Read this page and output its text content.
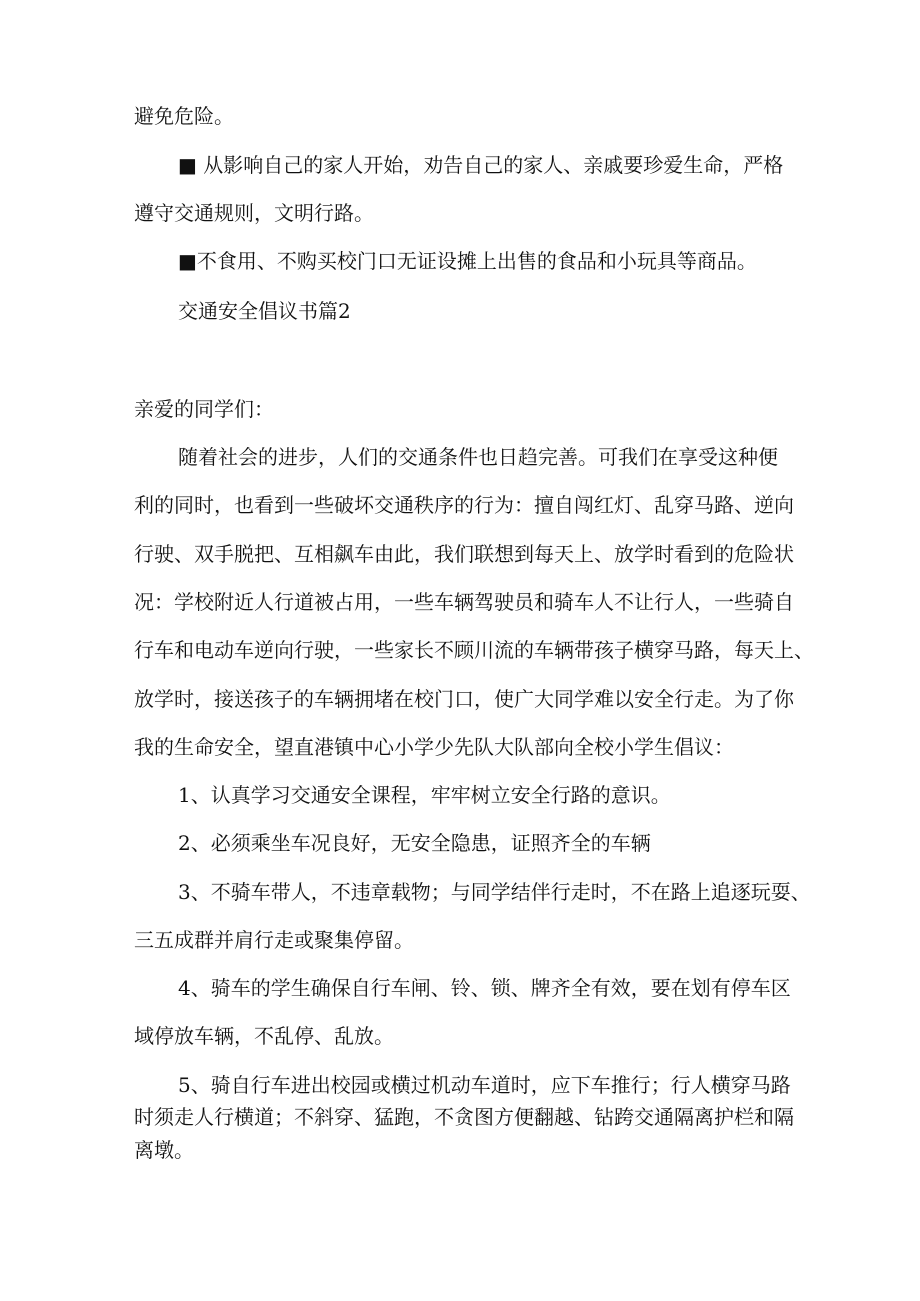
避免危险。

■ 从影响自己的家人开始，劝告自己的家人、亲戚要珍爱生命，严格

遵守交通规则，文明行路。

■不食用、不购买校门口无证设摊上出售的食品和小玩具等商品。

交通安全倡议书篇2

亲爱的同学们：

随着社会的进步，人们的交通条件也日趋完善。可我们在享受这种便

利的同时，也看到一些破坏交通秩序的行为：擅自闯红灯、乱穿马路、逆向

行驶、双手脱把、互相飙车由此，我们联想到每天上、放学时看到的危险状

况：学校附近人行道被占用，一些车辆驾驶员和骑车人不让行人，一些骑自

行车和电动车逆向行驶，一些家长不顾川流的车辆带孩子横穿马路，每天上、

放学时，接送孩子的车辆拥堵在校门口，使广大同学难以安全行走。为了你

我的生命安全，望直港镇中心小学少先队大队部向全校小学生倡议：

1、认真学习交通安全课程，牢牢树立安全行路的意识。

2、必须乘坐车况良好，无安全隐患，证照齐全的车辆

3、不骑车带人，不违章载物；与同学结伴行走时，不在路上追逐玩耍、

三五成群并肩行走或聚集停留。

4、骑车的学生确保自行车闸、铃、锁、牌齐全有效，要在划有停车区

域停放车辆，不乱停、乱放。

5、骑自行车进出校园或横过机动车道时，应下车推行；行人横穿马路

时须走人行横道；不斜穿、猛跑，不贪图方便翻越、钻跨交通隔离护栏和隔

离墩。
